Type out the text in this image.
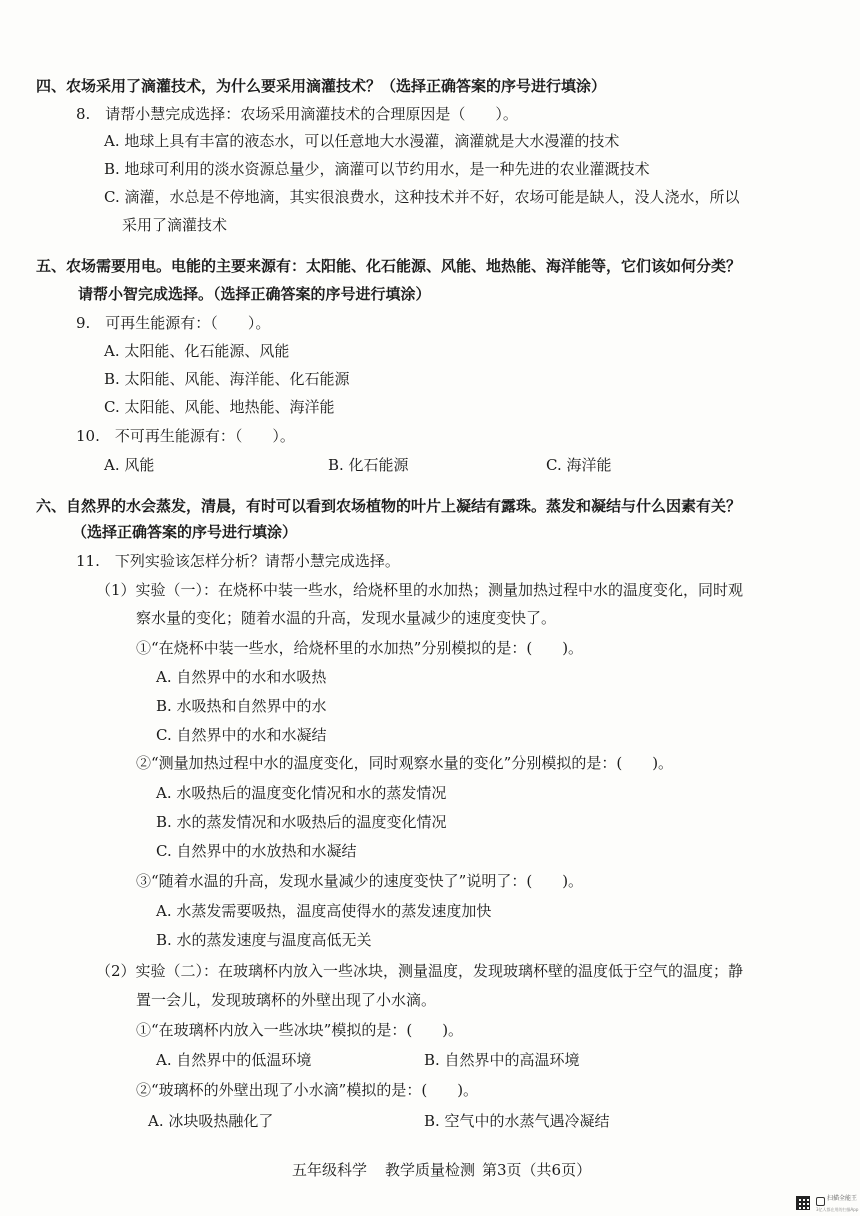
四、农场采用了滴灌技术，为什么要采用滴灌技术？（选择正确答案的序号进行填涂）
8.　请帮小慧完成选择：农场采用滴灌技术的合理原因是（　　）。
A. 地球上具有丰富的液态水，可以任意地大水漫灌，滴灌就是大水漫灌的技术
B. 地球可利用的淡水资源总量少，滴灌可以节约用水，是一种先进的农业灌溉技术
C. 滴灌，水总是不停地滴，其实很浪费水，这种技术并不好，农场可能是缺人，没人浇水，所以
采用了滴灌技术
五、农场需要用电。电能的主要来源有：太阳能、化石能源、风能、地热能、海洋能等，它们该如何分类？
请帮小智完成选择。（选择正确答案的序号进行填涂）
9.　可再生能源有：（　　）。
A. 太阳能、化石能源、风能
B. 太阳能、风能、海洋能、化石能源
C. 太阳能、风能、地热能、海洋能
10.　不可再生能源有：（　　）。
A. 风能	B. 化石能源	C. 海洋能
六、自然界的水会蒸发，清晨，有时可以看到农场植物的叶片上凝结有露珠。蒸发和凝结与什么因素有关？
（选择正确答案的序号进行填涂）
11.　下列实验该怎样分析？请帮小慧完成选择。
（1）实验（一）：在烧杯中装一些水，给烧杯里的水加热；测量加热过程中水的温度变化，同时观
察水量的变化；随着水温的升高，发现水量减少的速度变快了。
①“在烧杯中装一些水，给烧杯里的水加热”分别模拟的是：(　　)。
A. 自然界中的水和水吸热
B. 水吸热和自然界中的水
C. 自然界中的水和水凝结
②“测量加热过程中水的温度变化，同时观察水量的变化”分别模拟的是：(　　)。
A. 水吸热后的温度变化情况和水的蒸发情况
B. 水的蒸发情况和水吸热后的温度变化情况
C. 自然界中的水放热和水凝结
③“随着水温的升高，发现水量减少的速度变快了”说明了：(　　)。
A. 水蒸发需要吸热，温度高使得水的蒸发速度加快
B. 水的蒸发速度与温度高低无关
（2）实验（二）：在玻璃杯内放入一些冰块，测量温度，发现玻璃杯壁的温度低于空气的温度；静
置一会儿，发现玻璃杯的外壁出现了小水滴。
①“在玻璃杯内放入一些冰块”模拟的是：(　　)。
A. 自然界中的低温环境	B. 自然界中的高温环境
②“玻璃杯的外壁出现了小水滴”模拟的是：(　　)。
A. 冰块吸热融化了	B. 空气中的水蒸气遇冷凝结
五年级科学 教学质量检测 第3页（共6页）
扫描全能王
3亿人都在用的扫描App
